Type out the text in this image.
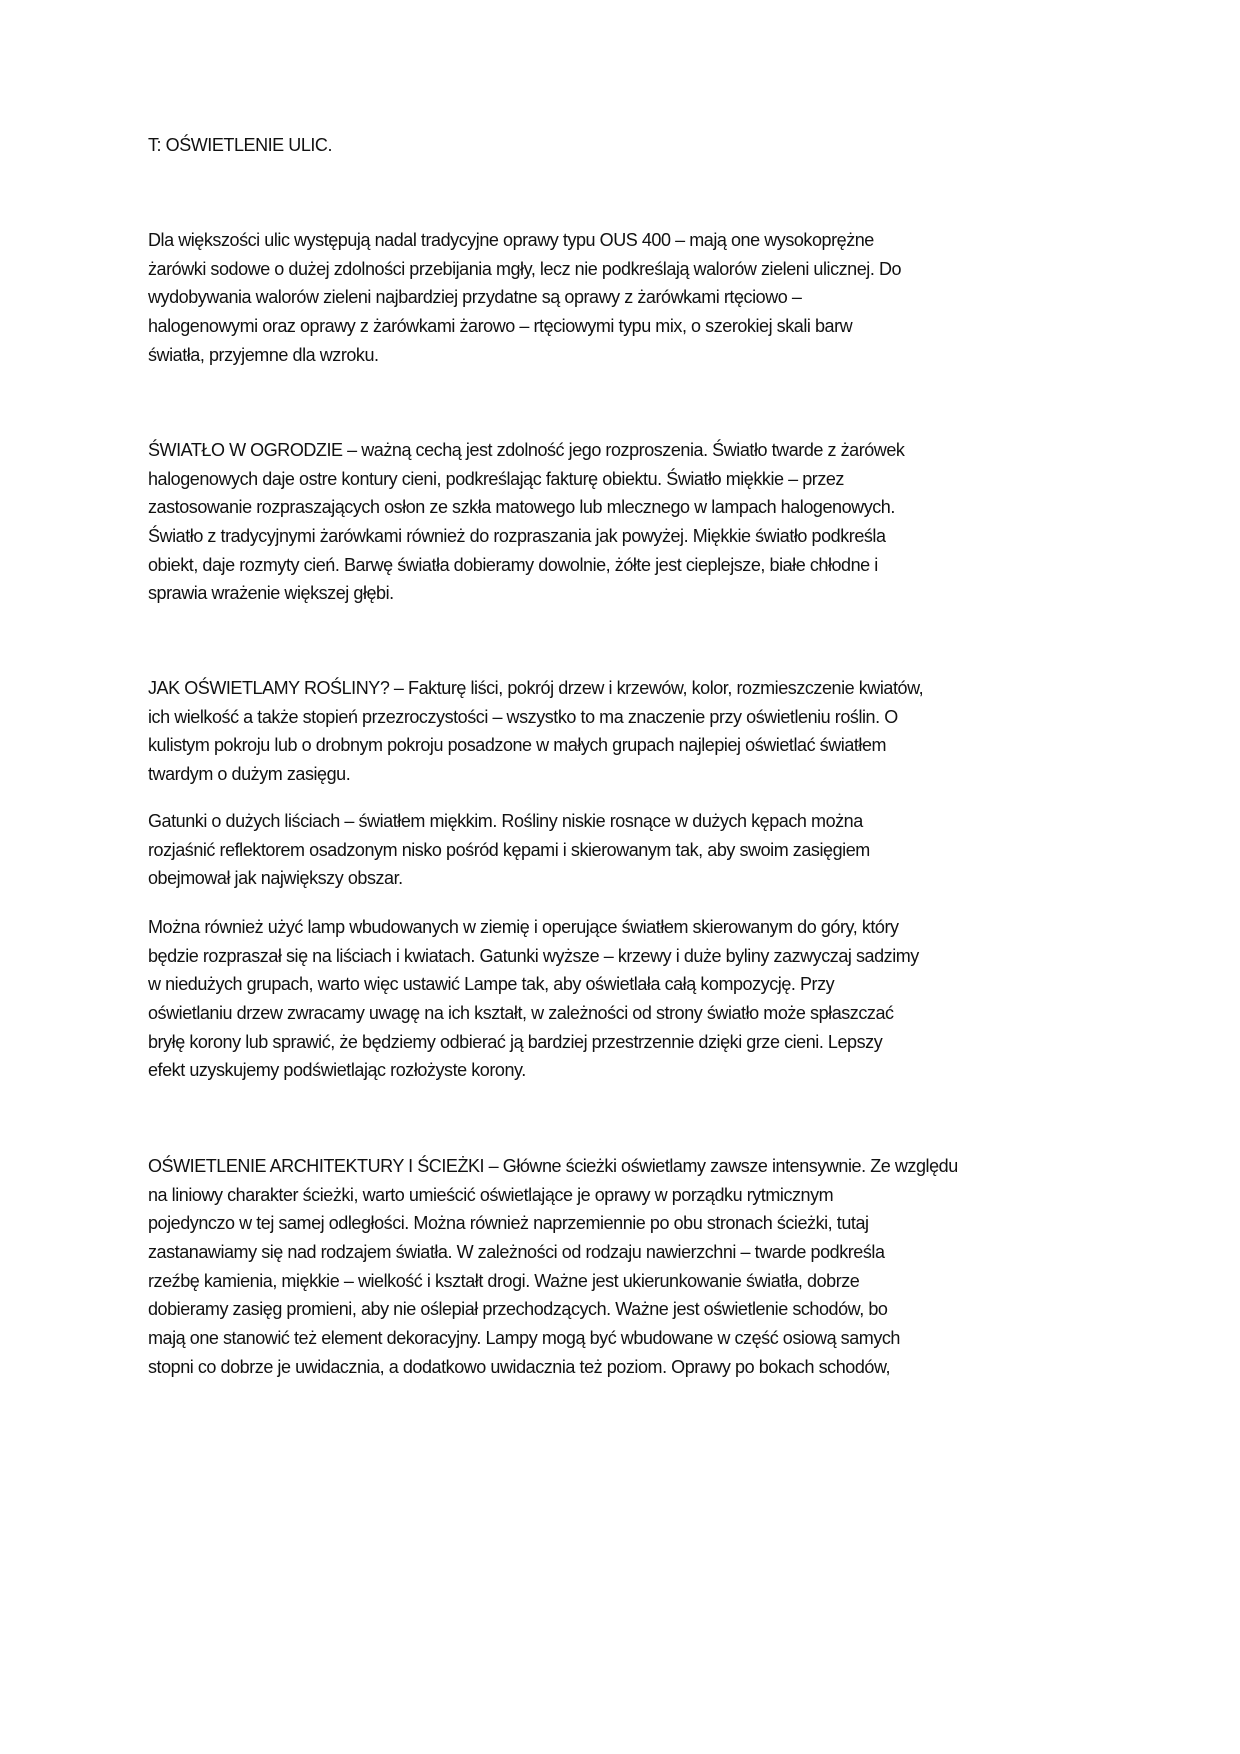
T: OŚWIETLENIE ULIC.
Dla większości ulic występują nadal tradycyjne oprawy typu OUS 400 – mają one wysokoprężne
żarówki sodowe o dużej zdolności przebijania mgły, lecz nie podkreślają walorów zieleni ulicznej. Do
wydobywania walorów zieleni najbardziej przydatne są oprawy z żarówkami rtęciowo –
halogenowymi oraz oprawy z żarówkami żarowo – rtęciowymi typu mix, o szerokiej skali barw
światła, przyjemne dla wzroku.
ŚWIATŁO W OGRODZIE – ważną cechą jest zdolność jego rozproszenia. Światło twarde z żarówek
halogenowych daje ostre kontury cieni, podkreślając fakturę obiektu. Światło miękkie – przez
zastosowanie rozpraszających osłon ze szkła matowego lub mlecznego w lampach halogenowych.
Światło z tradycyjnymi żarówkami również do rozpraszania jak powyżej. Miękkie światło podkreśla
obiekt, daje rozmyty cień. Barwę światła dobieramy dowolnie, żółte jest cieplejsze, białe chłodne i
sprawia wrażenie większej głębi.
JAK OŚWIETLAMY ROŚLINY? – Fakturę liści, pokrój drzew i krzewów, kolor, rozmieszczenie kwiatów,
ich wielkość a także stopień przezroczystości – wszystko to ma znaczenie przy oświetleniu roślin. O
kulistym pokroju lub o drobnym pokroju posadzone w małych grupach najlepiej oświetlać światłem
twardym o dużym zasięgu.
Gatunki o dużych liściach – światłem miękkim. Rośliny niskie rosnące w dużych kępach można
rozjaśnić reflektorem osadzonym nisko pośród kępami i skierowanym tak, aby swoim zasięgiem
obejmował jak największy obszar.
Można również użyć lamp wbudowanych w ziemię i operujące światłem skierowanym do góry, który
będzie rozpraszał się na liściach i kwiatach. Gatunki wyższe – krzewy i duże byliny zazwyczaj sadzimy
w niedużych grupach, warto więc ustawić Lampe tak, aby oświetlała całą kompozycję. Przy
oświetlaniu drzew zwracamy uwagę na ich kształt, w zależności od strony światło może spłaszczać
bryłę korony lub sprawić, że będziemy odbierać ją bardziej przestrzennie dzięki grze cieni. Lepszy
efekt uzyskujemy podświetlając rozłożyste korony.
OŚWIETLENIE ARCHITEKTURY I ŚCIEŻKI – Główne ścieżki oświetlamy zawsze intensywnie. Ze względu
na liniowy charakter ścieżki, warto umieścić oświetlające je oprawy w porządku rytmicznym
pojedynczo w tej samej odległości. Można również naprzemiennie po obu stronach ścieżki, tutaj
zastanawiamy się nad rodzajem światła. W zależności od rodzaju nawierzchni – twarde podkreśla
rzeźbę kamienia, miękkie – wielkość i kształt drogi. Ważne jest ukierunkowanie światła, dobrze
dobieramy zasięg promieni, aby nie oślepiał przechodzących. Ważne jest oświetlenie schodów, bo
mają one stanowić też element dekoracyjny. Lampy mogą być wbudowane w część osiową samych
stopni co dobrze je uwidacznia, a dodatkowo uwidacznia też poziom. Oprawy po bokach schodów,
